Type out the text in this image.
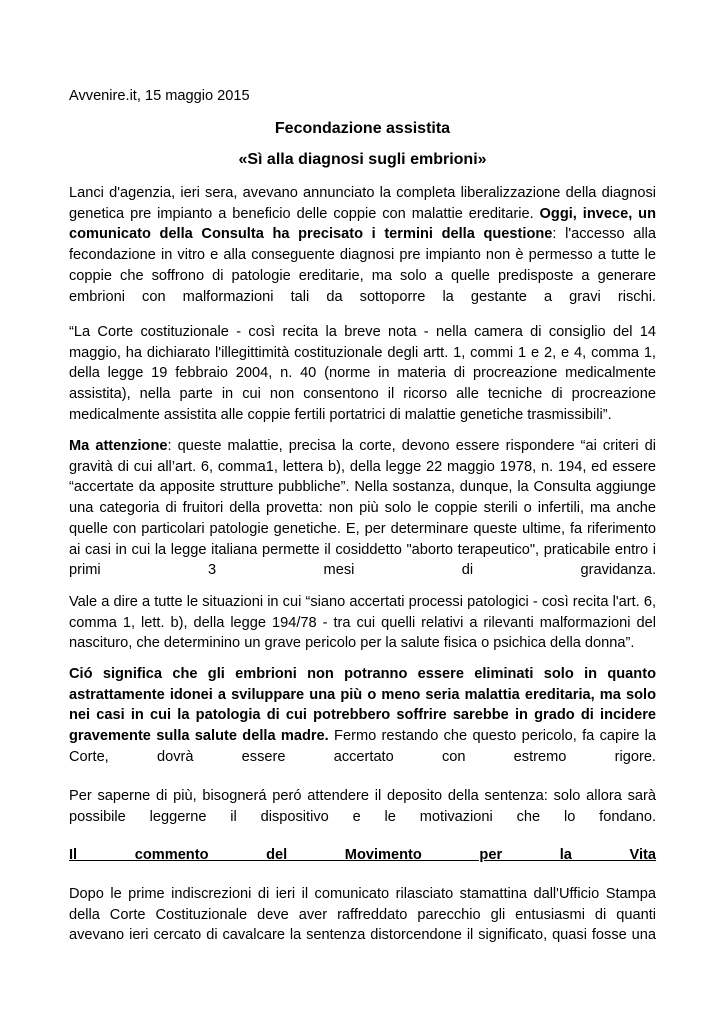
Avvenire.it, 15 maggio 2015
Fecondazione assistita
«Sì alla diagnosi sugli embrioni»

Lanci d'agenzia, ieri sera, avevano annunciato la completa liberalizzazione della diagnosi genetica pre impianto a beneficio delle coppie con malattie ereditarie. Oggi, invece, un comunicato della Consulta ha precisato i termini della questione: l'accesso alla fecondazione in vitro e alla conseguente diagnosi pre impianto non è permesso a tutte le coppie che soffrono di patologie ereditarie, ma solo a quelle predisposte a generare embrioni con malformazioni tali da sottoporre la gestante a gravi rischi.

“La Corte costituzionale - così recita la breve nota - nella camera di consiglio del 14 maggio, ha dichiarato l'illegittimità costituzionale degli artt. 1, commi 1 e 2, e 4, comma 1, della legge 19 febbraio 2004, n. 40 (norme in materia di procreazione medicalmente assistita), nella parte in cui non consentono il ricorso alle tecniche di procreazione medicalmente assistita alle coppie fertili portatrici di malattie genetiche trasmissibili”.

Ma attenzione: queste malattie, precisa la corte, devono essere rispondere “ai criteri di gravità di cui all’art. 6, comma1, lettera b), della legge 22 maggio 1978, n. 194, ed essere “accertate da apposite strutture pubbliche”. Nella sostanza, dunque, la Consulta aggiunge una categoria di fruitori della provetta: non più solo le coppie sterili o infertili, ma anche quelle con particolari patologie genetiche. E, per determinare queste ultime, fa riferimento ai casi in cui la legge italiana permette il cosiddetto "aborto terapeutico", praticabile entro i primi 3 mesi di gravidanza.

Vale a dire a tutte le situazioni in cui “siano accertati processi patologici - così recita l'art. 6, comma 1, lett. b), della legge 194/78 - tra cui quelli relativi a rilevanti malformazioni del nascituro, che determinino un grave pericolo per la salute fisica o psichica della donna”.

Ció significa che gli embrioni non potranno essere eliminati solo in quanto astrattamente idonei a sviluppare una più o meno seria malattia ereditaria, ma solo nei casi in cui la patologia di cui potrebbero soffrire sarebbe in grado di incidere gravemente sulla salute della madre. Fermo restando che questo pericolo, fa capire la Corte, dovrà essere accertato con estremo rigore.

Per saperne di più, bisognerá peró attendere il deposito della sentenza: solo allora sarà possibile leggerne il dispositivo e le motivazioni che lo fondano.

Il commento del Movimento per la Vita

Dopo le prime indiscrezioni di ieri il comunicato rilasciato stamattina dall'Ufficio Stampa della Corte Costituzionale deve aver raffreddato parecchio gli entusiasmi di quanti avevano ieri cercato di cavalcare la sentenza distorcendone il significato, quasi fosse una
